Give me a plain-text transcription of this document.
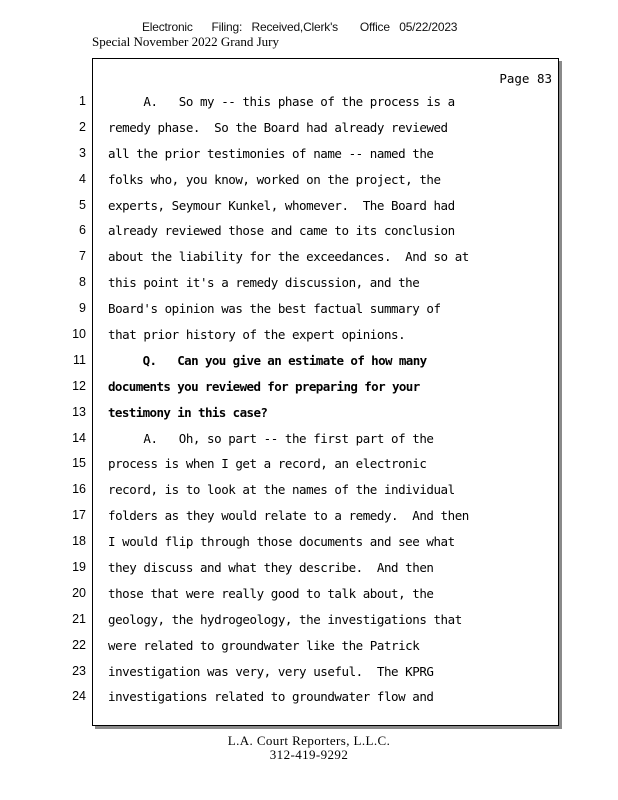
Electronic      Filing:   Received,Clerk's       Office   05/22/2023
Special November 2022 Grand Jury
Page 83
1
2
3
4
5
6
7
8
9
10
11
12
13
14
15
16
17
18
19
20
21
22
23
24
A.   So my -- this phase of the process is a
remedy phase.  So the Board had already reviewed
all the prior testimonies of name -- named the
folks who, you know, worked on the project, the
experts, Seymour Kunkel, whomever.  The Board had
already reviewed those and came to its conclusion
about the liability for the exceedances.  And so at
this point it's a remedy discussion, and the
Board's opinion was the best factual summary of
that prior history of the expert opinions.
Q.   Can you give an estimate of how many
documents you reviewed for preparing for your
testimony in this case?
A.   Oh, so part -- the first part of the
process is when I get a record, an electronic
record, is to look at the names of the individual
folders as they would relate to a remedy.  And then
I would flip through those documents and see what
they discuss and what they describe.  And then
those that were really good to talk about, the
geology, the hydrogeology, the investigations that
were related to groundwater like the Patrick
investigation was very, very useful.  The KPRG
investigations related to groundwater flow and
L.A. Court Reporters, L.L.C.
312-419-9292
